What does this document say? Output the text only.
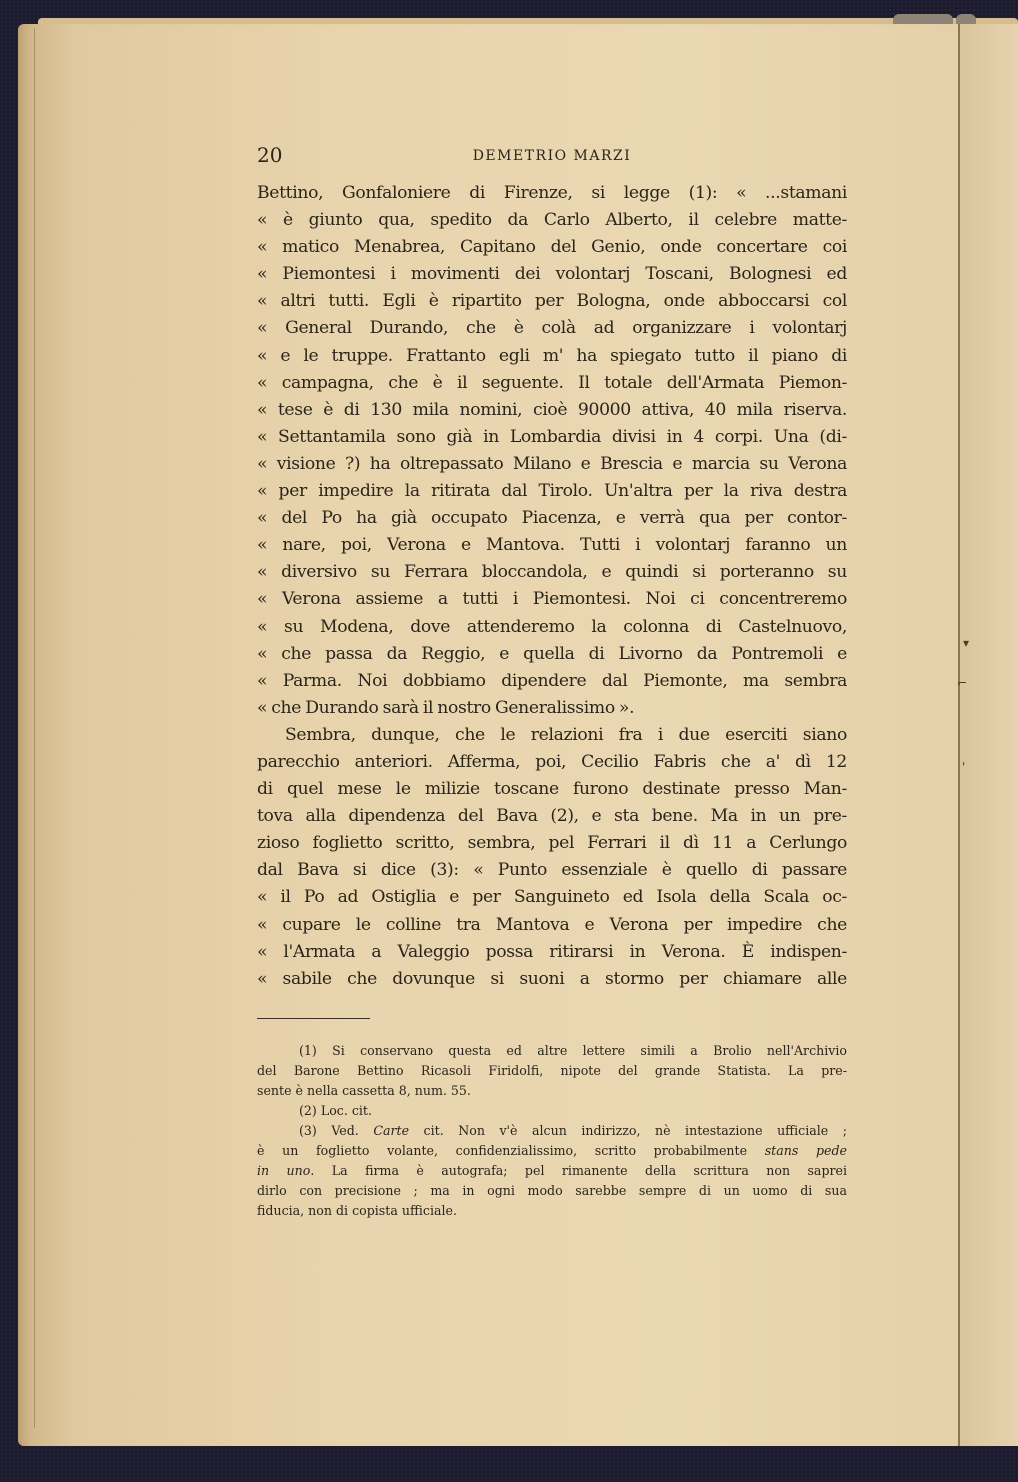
▾
⌐
'
20	DEMETRIO MARZI
Bettino, Gonfaloniere di Firenze, si legge (1): « ...stamani
« è giunto qua, spedito da Carlo Alberto, il celebre matte-
« matico Menabrea, Capitano del Genio, onde concertare coi
« Piemontesi i movimenti dei volontarj Toscani, Bolognesi ed
« altri tutti. Egli è ripartito per Bologna, onde abboccarsi col
« General Durando, che è colà ad organizzare i volontarj
« e le truppe. Frattanto egli m' ha spiegato tutto il piano di
« campagna, che è il seguente. Il totale dell'Armata Piemon-
« tese è di 130 mila nomini, cioè 90000 attiva, 40 mila riserva.
« Settantamila sono già in Lombardia divisi in 4 corpi. Una (di-
« visione ?) ha oltrepassato Milano e Brescia e marcia su Verona
« per impedire la ritirata dal Tirolo. Un'altra per la riva destra
« del Po ha già occupato Piacenza, e verrà qua per contor-
« nare, poi, Verona e Mantova. Tutti i volontarj faranno un
« diversivo su Ferrara bloccandola, e quindi si porteranno su
« Verona assieme a tutti i Piemontesi. Noi ci concentreremo
« su Modena, dove attenderemo la colonna di Castelnuovo,
« che passa da Reggio, e quella di Livorno da Pontremoli e
« Parma. Noi dobbiamo dipendere dal Piemonte, ma sembra
« che Durando sarà il nostro Generalissimo ».
Sembra, dunque, che le relazioni fra i due eserciti siano
parecchio anteriori. Afferma, poi, Cecilio Fabris che a' dì 12
di quel mese le milizie toscane furono destinate presso Man-
tova alla dipendenza del Bava (2), e sta bene. Ma in un pre-
zioso foglietto scritto, sembra, pel Ferrari il dì 11 a Cerlungo
dal Bava si dice (3): « Punto essenziale è quello di passare
« il Po ad Ostiglia e per Sanguineto ed Isola della Scala oc-
« cupare le colline tra Mantova e Verona per impedire che
« l'Armata a Valeggio possa ritirarsi in Verona. È indispen-
« sabile che dovunque si suoni a stormo per chiamare alle
(1) Si conservano questa ed altre lettere simili a Brolio nell'Archivio
del Barone Bettino Ricasoli Firidolfi, nipote del grande Statista. La pre-
sente è nella cassetta 8, num. 55.
(2) Loc. cit.
(3) Ved. Carte cit. Non v'è alcun indirizzo, nè intestazione ufficiale ;
è un foglietto volante, confidenzialissimo, scritto probabilmente stans pede
in uno. La firma è autografa; pel rimanente della scrittura non saprei
dirlo con precisione ; ma in ogni modo sarebbe sempre di un uomo di sua
fiducia, non di copista ufficiale.
